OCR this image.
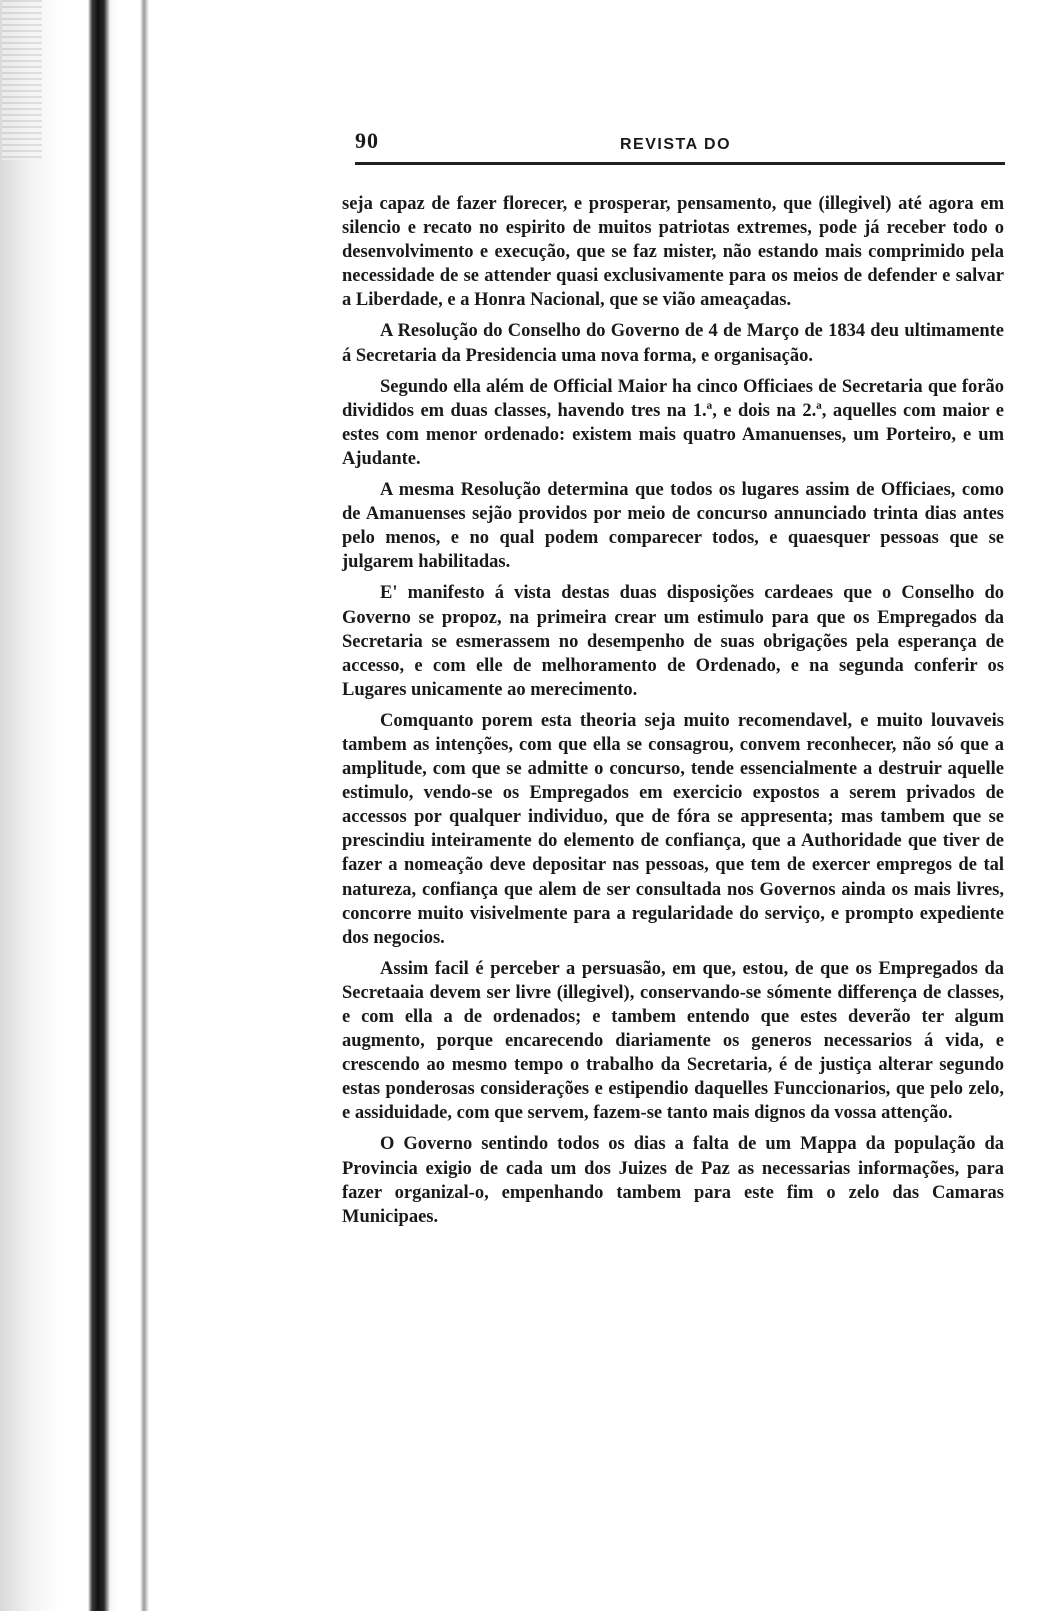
90	REVISTA DO

seja capaz de fazer florecer, e prosperar, pensamento, que (illegivel) até agora em silencio e recato no espirito de muitos patriotas extremes, pode já receber todo o desenvolvimento e execução, que se faz mister, não estando mais comprimido pela necessidade de se attender quasi exclusivamente para os meios de defender e salvar a Liberdade, e a Honra Nacional, que se vião ameaçadas.

A Resolução do Conselho do Governo de 4 de Março de 1834 deu ultimamente á Secretaria da Presidencia uma nova forma, e organisação.

Segundo ella além de Official Maior ha cinco Officiaes de Secretaria que forão divididos em duas classes, havendo tres na 1.ª, e dois na 2.ª, aquelles com maior e estes com menor ordenado: existem mais quatro Amanuenses, um Porteiro, e um Ajudante.

A mesma Resolução determina que todos os lugares assim de Officiaes, como de Amanuenses sejão providos por meio de concurso annunciado trinta dias antes pelo menos, e no qual podem comparecer todos, e quaesquer pessoas que se julgarem habilitadas.

E' manifesto á vista destas duas disposições cardeaes que o Conselho do Governo se propoz, na primeira crear um estimulo para que os Empregados da Secretaria se esmerassem no desempenho de suas obrigações pela esperança de accesso, e com elle de melhoramento de Ordenado, e na segunda conferir os Lugares unicamente ao merecimento.

Comquanto porem esta theoria seja muito recomendavel, e muito louvaveis tambem as intenções, com que ella se consagrou, convem reconhecer, não só que a amplitude, com que se admitte o concurso, tende essencialmente a destruir aquelle estimulo, vendo-se os Empregados em exercicio expostos a serem privados de accessos por qualquer individuo, que de fóra se appresenta; mas tambem que se prescindiu inteiramente do elemento de confiança, que a Authoridade que tiver de fazer a nomeação deve depositar nas pessoas, que tem de exercer empregos de tal natureza, confiança que alem de ser consultada nos Governos ainda os mais livres, concorre muito visivelmente para a regularidade do serviço, e prompto expediente dos negocios.

Assim facil é perceber a persuasão, em que, estou, de que os Empregados da Secretaaia devem ser livre (illegivel), conservando-se sómente differença de classes, e com ella a de ordenados; e tambem entendo que estes deverão ter algum augmento, porque encarecendo diariamente os generos necessarios á vida, e crescendo ao mesmo tempo o trabalho da Secretaria, é de justiça alterar segundo estas ponderosas considerações e estipendio daquelles Funccionarios, que pelo zelo, e assiduidade, com que servem, fazem-se tanto mais dignos da vossa attenção.

O Governo sentindo todos os dias a falta de um Mappa da população da Provincia exigio de cada um dos Juizes de Paz as necessarias informações, para fazer organizal-o, empenhando tambem para este fim o zelo das Camaras Municipaes.
